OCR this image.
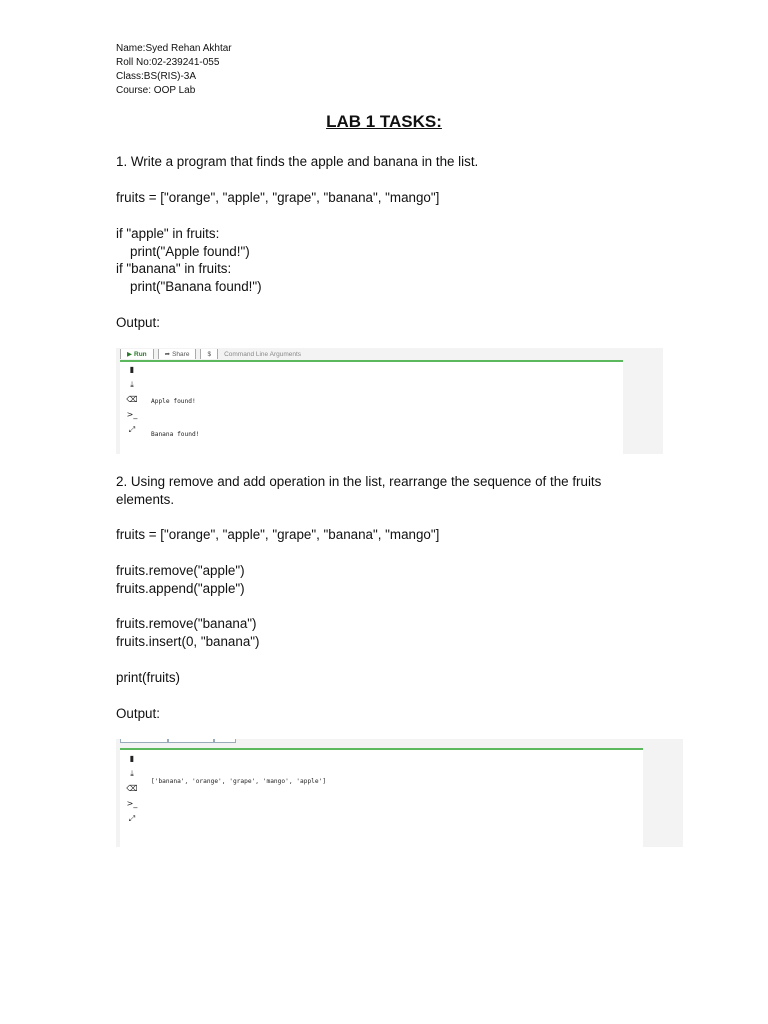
Name:Syed Rehan Akhtar
Roll No:02-239241-055
Class:BS(RIS)-3A
Course: OOP Lab
LAB 1 TASKS:
1. Write a program that finds the apple and banana in the list.
fruits = ["orange", "apple", "grape", "banana", "mango"]
if "apple" in fruits:
print("Apple found!")
if "banana" in fruits:
print("Banana found!")
Output:
▶ Run	➦ Share	$	Command Line Arguments

Apple found!

Banana found!

▮
⤓
⌫
>_
⤢
2. Using remove and add operation in the list, rearrange the sequence of the fruits elements.
fruits = ["orange", "apple", "grape", "banana", "mango"]
fruits.remove("apple")
fruits.append("apple")
fruits.remove("banana")
fruits.insert(0, "banana")
print(fruits)
Output:

['banana', 'orange', 'grape', 'mango', 'apple']

▮
⤓
⌫
>_
⤢
